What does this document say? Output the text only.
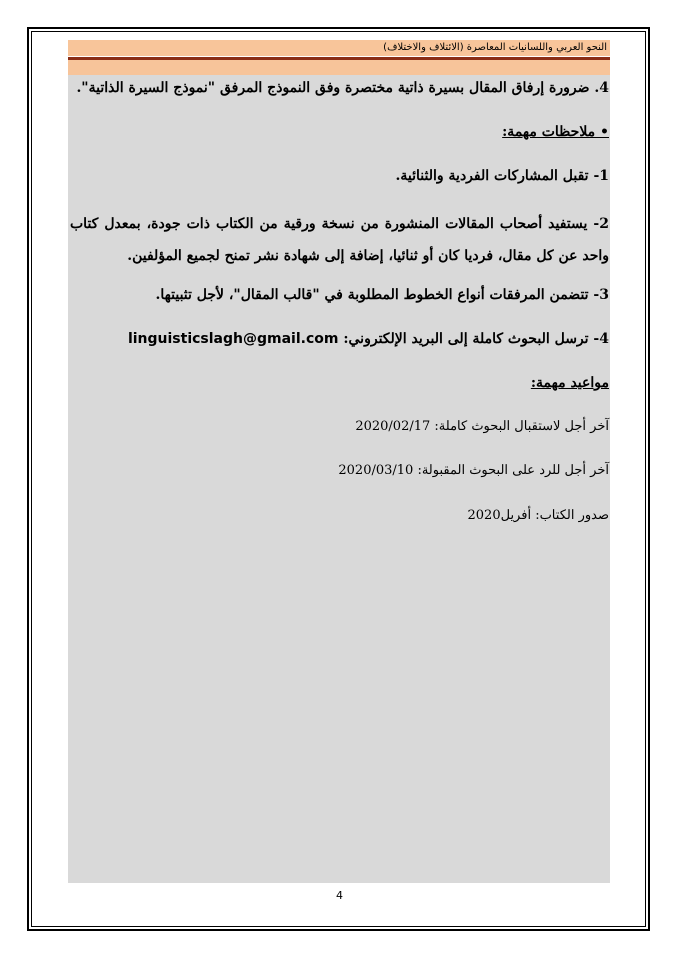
النحو العربي واللسانيات المعاصرة (الائتلاف والاختلاف)
4. ضرورة إرفاق المقال بسيرة ذاتية مختصرة وفق النموذج المرفق "نموذج السيرة الذاتية".
• ملاحظات مهمة:
1- تقبل المشاركات الفردية والثنائية.
2- يستفيد أصحاب المقالات المنشورة من نسخة ورقية من الكتاب ذات جودة، بمعدل كتاب واحد عن كل مقال، فرديا كان أو ثنائيا، إضافة إلى شهادة نشر تمنح لجميع المؤلفين.
3- تتضمن المرفقات أنواع الخطوط المطلوبة في "قالب المقال"، لأجل تثبيتها.
4- ترسل البحوث كاملة إلى البريد الإلكتروني: linguisticslagh@gmail.com
مواعيد مهمة:
آخر أجل لاستقبال البحوث كاملة: 2020/02/17
آخر أجل للرد على البحوث المقبولة: 2020/03/10
صدور الكتاب: أفريل2020
4
